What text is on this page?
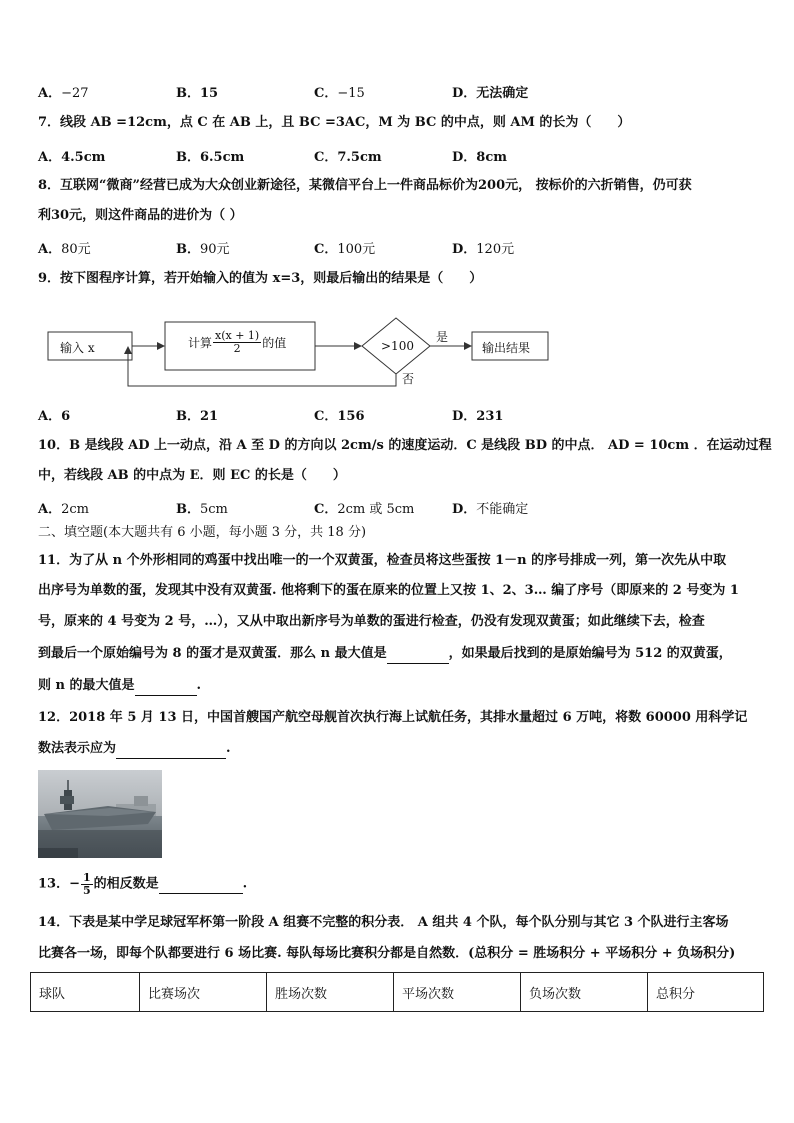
A．−27	B．15	C．−15	D．无法确定
7．线段 AB =12cm，点 C 在 AB 上，且 BC =3AC，M 为 BC 的中点，则 AM 的长为（　　）
A．4.5cm	B．6.5cm	C．7.5cm	D．8cm
8．互联网“微商”经营已成为大众创业新途径，某微信平台上一件商品标价为200元， 按标价的六折销售，仍可获
利30元，则这件商品的进价为（ ）
A．80元	B．90元	C．100元	D．120元
9．按下图程序计算，若开始输入的值为 x=3，则最后输出的结果是（　　）
输入 x	计算 $\frac{x(x + 1)}{2}$ 的值	>100
是
否
输出结果
A．6	B．21	C．156	D．231
10．B 是线段 AD 上一动点，沿 A 至 D 的方向以 2cm/s 的速度运动．C 是线段 BD 的中点． AD = 10cm ．在运动过程
中，若线段 AB 的中点为 E．则 EC 的长是（　　）
A．2cm	B．5cm	C．2cm 或 5cm	D．不能确定
二、填空题(本大题共有 6 小题，每小题 3 分，共 18 分)
11．为了从 n 个外形相同的鸡蛋中找出唯一的一个双黄蛋，检查员将这些蛋按 1－n 的序号排成一列，第一次先从中取
出序号为单数的蛋，发现其中没有双黄蛋. 他将剩下的蛋在原来的位置上又按 1、2、3… 编了序号（即原来的 2 号变为 1
号，原来的 4 号变为 2 号，…），又从中取出新序号为单数的蛋进行检查，仍没有发现双黄蛋；如此继续下去，检查
到最后一个原始编号为 8 的蛋才是双黄蛋．那么 n 最大值是	，如果最后找到的是原始编号为 512 的双黄蛋，
则 n 的最大值是	.
12．2018 年 5 月 13 日，中国首艘国产航空母舰首次执行海上试航任务，其排水量超过 6 万吨，将数 60000 用科学记
数法表示应为	.
13．− $\frac{1}{5}$ 的相反数是	.
14．下表是某中学足球冠军杯第一阶段 A 组赛不完整的积分表． A 组共 4 个队，每个队分别与其它 3 个队进行主客场
比赛各一场，即每个队都要进行 6 场比赛. 每队每场比赛积分都是自然数．(总积分 = 胜场积分 + 平场积分 + 负场积分)
球队	比赛场次	胜场次数	平场次数	负场次数	总积分
